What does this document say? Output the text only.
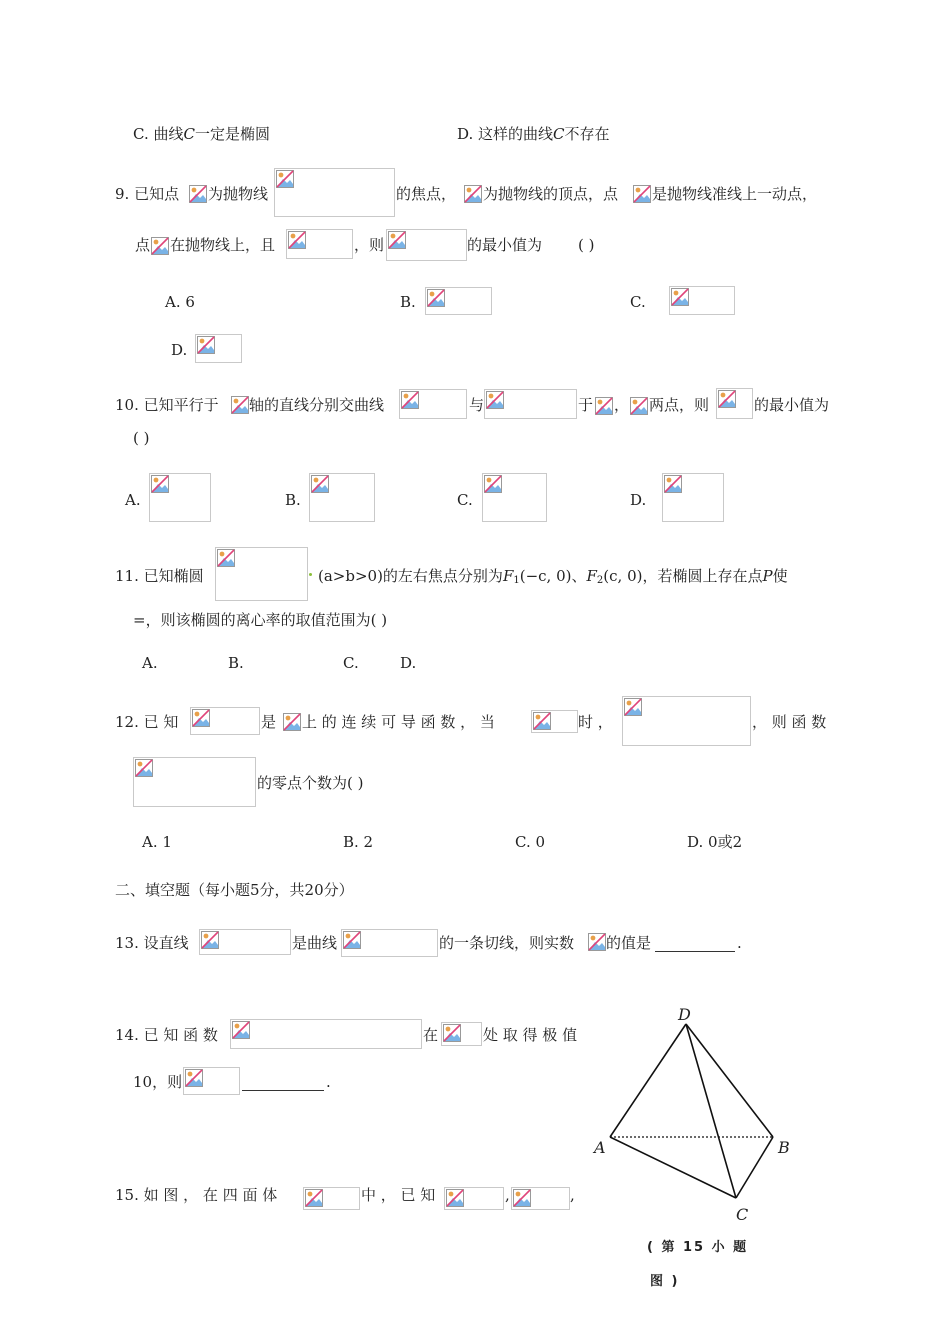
C. 曲线C一定是椭圆	D. 这样的曲线C不存在
9. 已知点 为抛物线	的焦点， 为抛物线的顶点，点 是抛物线准线上一动点，
点 在抛物线上，且	，则	的最小值为 ( )
A. 6	B.	C.
D.
10. 已知平行于 轴的直线分别交曲线	与	于 ， 两点，则	的最小值为
( )
A.	B.	C.	D.
11. 已知椭圆	(a>b>0)的左右焦点分别为$F_1(-c$, 0)、$F_2(c$, 0)，若椭圆上存在点P使
=，则该椭圆的离心率的取值范围为( )
A.	B.	C.	D.
12. 已 知	是 上 的 连 续 可 导 函 数 ， 当	时 ，	， 则 函 数
的零点个数为( )
A. 1	B. 2	C. 0	D. 0或2
二、填空题（每小题5分，共20分）
13. 设直线	是曲线	的一条切线，则实数 的值是	.
14. 已 知 函 数	在	处 取 得 极 值
10，则	.
15. 如 图 ， 在 四 面 体	中 ， 已 知	,	,
D
A	B
C
( 第 15 小 题
图 )
